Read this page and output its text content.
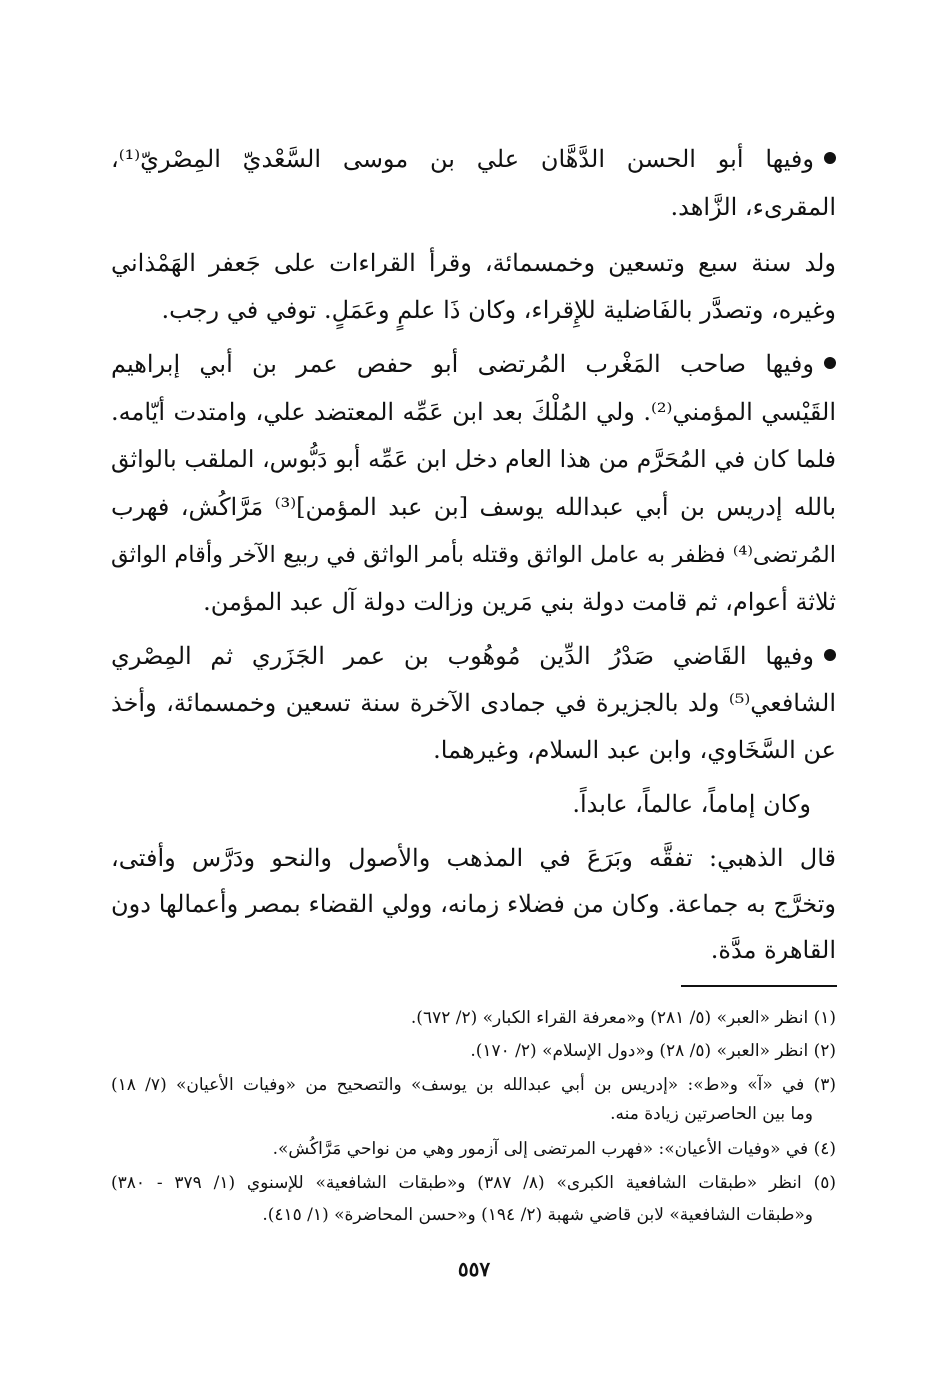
وفيها أبو الحسن الدَّهَّان علي بن موسى السَّعْديّ المِصْريّ⁽¹⁾،
المقرىء، الزَّاهد.
ولد سنة سبع وتسعين وخمسمائة، وقرأ القراءات على جَعفر الهَمْذاني
وغيره، وتصدَّر بالفَاضلية للإِقراء، وكان ذَا علمٍ وعَمَلٍ. توفي في رجب.
وفيها صاحب المَغْرب المُرتضى أبو حفص عمر بن أبي إبراهيم
القَيْسي المؤمني⁽²⁾. ولي المُلْكَ بعد ابن عَمِّه المعتضد علي، وامتدت أيّامه.
فلما كان في المُحَرَّم من هذا العام دخل ابن عَمِّه أبو دَبُّوس، الملقب بالواثق
بالله إدريس بن أبي عبدالله يوسف [بن عبد المؤمن]⁽³⁾ مَرَّاكُش، فهرب
المُرتضى⁽⁴⁾ فظفر به عامل الواثق وقتله بأمر الواثق في ربيع الآخر وأقام الواثق
ثلاثة أعوام، ثم قامت دولة بني مَرين وزالت دولة آل عبد المؤمن.
وفيها القَاضي صَدْرُ الدِّين مُوهُوب بن عمر الجَزَري ثم المِصْري
الشافعي⁽⁵⁾ ولد بالجزيرة في جمادى الآخرة سنة تسعين وخمسمائة، وأخذ
عن السَّخَاوي، وابن عبد السلام، وغيرهما.
وكان إماماً، عالماً، عابداً.
قال الذهبي: تفقَّه وبَرَعَ في المذهب والأصول والنحو ودَرَّس وأفتى،
وتخرَّج به جماعة. وكان من فضلاء زمانه، وولي القضاء بمصر وأعمالها دون
القاهرة مدَّة.
(١) انظر «العبر» (٥/ ٢٨١) و«معرفة القراء الكبار» (٢/ ٦٧٢).
(٢) انظر «العبر» (٥/ ٢٨) و«دول الإسلام» (٢/ ١٧٠).
(٣) في «آ» و«ط»: «إدريس بن أبي عبدالله بن يوسف» والتصحيح من «وفيات الأعيان» (٧/ ١٨)
وما بين الحاصرتين زيادة منه.
(٤) في «وفيات الأعيان»: «فهرب المرتضى إلى آزمور وهي من نواحي مَرَّاكُش».
(٥) انظر «طبقات الشافعية الكبرى» (٨/ ٣٨٧) و«طبقات الشافعية» للإسنوي (١/ ٣٧٩ - ٣٨٠)
و«طبقات الشافعية» لابن قاضي شهبة (٢/ ١٩٤) و«حسن المحاضرة» (١/ ٤١٥).
٥٥٧
